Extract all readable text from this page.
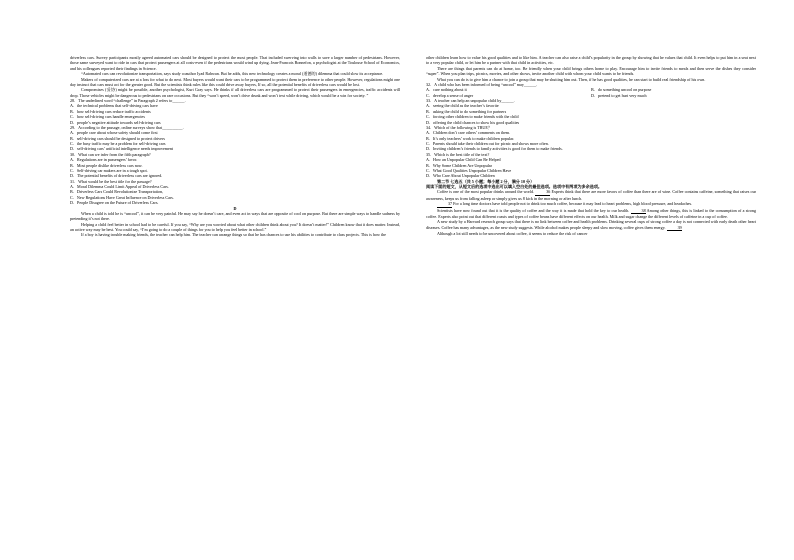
driverless cars. Survey participants mostly agreed automated cars should be designed to protect the most people. That included swerving into walls to save a larger number of pedestrians. However, those same surveyed want to ride in cars that protect passengers at all costs-even if the pedestrians would wind up dying. Jean-Francois Bonnefon, a psychologist at the Toulouse School of Economics, and his colleagues reported their findings in Science.

“Automated cars can revolutionize transportation, says study coauthor Iyad Rahwan. But he adds, this new technology creates a moral (道德的) dilemma that could slow its acceptance.

Makers of computerized cars are at a loss for what to do next. Most buyers would want their cars to be programmed to protect them in preference to other people. However, regulations might one day instruct that cars must act for the greater good. But the scientists think rules like this could drive away buyers, If so, all the potential benefits of driverless cars would be lost.

Compromises (妥协) might be possible, another psychologist, Kurt Gray says. He thinks if all driverless cars are programmed to protect their passengers in emergencies, traffic accidents will drop. Those vehicles might be dangerous to pedestrians on rare occasions. But they “won’t speed, won’t drive drunk and won’t text while driving, which would be a win for society. ”

28．The underlined word “challenge” in Paragraph 2 refers to______.

A．the technical problems that self-driving cars have

B．how self-driving cars reduce traffic accidents

C．how self-driving cars handle emergencies

D．people’s negative attitude towards self-driving cars

29．According to the passage, online surveys show that__________.

A．people care about whose safety should come first

B．self-driving cars should be designed to protect drivers

C．the busy traffic may be a problem for self-driving cars

D．self-driving cars’ artificial intelligence needs improvement

30．What can we infer from the fifth paragraph?

A．Regulations are in passengers’ favor.

B．Most people dislike driverless cars now.

C．Self-driving car makers are in a tough spot.

D．The potential benefits of driverless cars are ignored.

31．What would be the best title for the passage?

A．Moral Dilemma Could Limit Appeal of Driverless Cars.

B．Driverless Cars Could Revolutionize Transportation,

C．New Regulations Have Great Influence on Driverless Cars.

D．People Disagree on the Future of Driverless Cars.

D

When a child is told he is “uncool”, it can be very painful. He may say he doesn’t care, and even act in ways that are opposite of cool on purpose. But there are simple ways to handle sadness by pretending it’s not there.

Helping a child feel better in school had to be careful. If you say, “Why are you worried about what other children think about you? It doesn’t matter!” Children know that it does matter. Instead, an active way may be best. You could say, “I’m going to do a couple of things for you to help you feel better in school.”

If a boy is having trouble making friends, the teacher can help him. The teacher can arrange things so that he has chances to use his abilities to contribute to class projects. This is how the

other children learn how to value his good qualities and to like him. A teacher can also raise a child’s popularity in the group by showing that he values that child. It even helps to put him in a seat next to a very popular child, or let him be a partner with that child in activities, etc.

There are things that parents can do at home, too. Be friendly when your child brings others home to play. Encourage him to invite friends to meals and then serve the dishes they consider “super”. When you plan trips, picnics, movies, and other shows, invite another child with whom your child wants to be friends.

What you can do is to give him a chance to join a group that may be shutting him out. Then, if he has good qualities, he can start to build real friendship of his own.

32．A child who has been informed of being “uncool” may______.

A．care nothing about it	B．do something uncool on purpose
C．develop a sense of anger	D．pretend to get hurt very much

33．A teacher can help an unpopular child by______.

A．seeing the child as the teacher’s favorite

B．asking the child to do something for partners

C．forcing other children to make friends with the child

D．offering the child chances to show his good qualities

34．Which of the following is TRUE？

A．Children don’t care others’ comments on them.

B．It’s only teachers’ work to make children popular.

C．Parents should take their children out for picnic and shows more often.

D．Inviting children’s friends to family activities is good for them to make friends.

35．Which is the best title of the text?

A．How an Unpopular Child Can Be Helped

B．Why Some Children Are Unpopular

C．What Good Qualities Unpopular Children Have

D．Who Care About Unpopular Children

第二节 七选五（共 5 小题；每小题 2 分，满分 10 分）

阅读下面的短文，从短文后的选项中选出可以填入空白处的最佳选项。选项中有两项为多余选项。

Coffee is one of the most popular drinks around the world.	36 Experts think that there are more favors of coffee than there are of wine. Coffee contains caffeine, something that raises our awareness, keeps us from falling asleep or simply gives us 8 kick in the morning or after lunch.

37 For a long time doctors have told people not to drink too much coffee, because it may lead to heart problems, high blood pressure, and headaches.

Scientists have now found out that it is the quality of coffee and the way it is made that hold the key to our health.	38 Among other things, this is linked to the consumption of a strong coffee. Experts also point out that different roasts and types of coffee beans have different effects on our health. Milk and sugar change the different levels of caffeine in a cup of coffee.

A new study by a Harvard research group says that there is no link between coffee and health problems. Drinking several cups of strong coffee a day is not connected with early death other heart diseases. Coffee has many advantages, as the new study suggests. While alcohol makes people sleepy and slow moving, coffee gives them energy.	39

Although a lot still needs to be uncovered about coffee, it seems to reduce the risk of cancer
